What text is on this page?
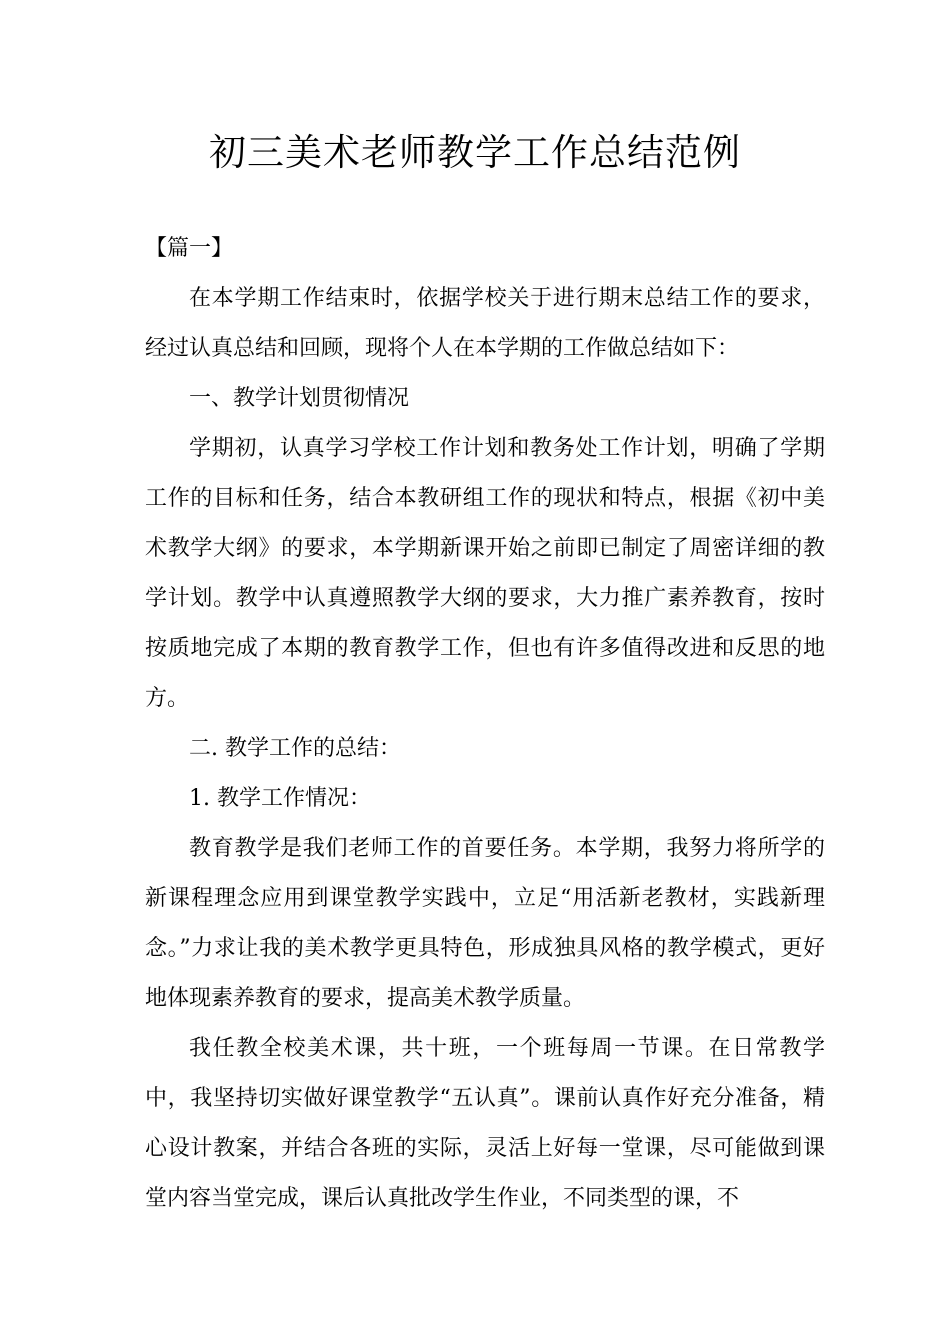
初三美术老师教学工作总结范例

【篇一】

在本学期工作结束时，依据学校关于进行期末总结工作的要求，经过认真总结和回顾，现将个人在本学期的工作做总结如下：

一、教学计划贯彻情况

学期初，认真学习学校工作计划和教务处工作计划，明确了学期工作的目标和任务，结合本教研组工作的现状和特点，根据《初中美术教学大纲》的要求，本学期新课开始之前即已制定了周密详细的教学计划。教学中认真遵照教学大纲的要求，大力推广素养教育，按时按质地完成了本期的教育教学工作，但也有许多值得改进和反思的地方。

二. 教学工作的总结：

1. 教学工作情况：

教育教学是我们老师工作的首要任务。本学期，我努力将所学的新课程理念应用到课堂教学实践中，立足“用活新老教材，实践新理念。”力求让我的美术教学更具特色，形成独具风格的教学模式，更好地体现素养教育的要求，提高美术教学质量。

我任教全校美术课，共十班，一个班每周一节课。在日常教学中，我坚持切实做好课堂教学“五认真”。课前认真作好充分准备，精心设计教案，并结合各班的实际，灵活上好每一堂课，尽可能做到课堂内容当堂完成，课后认真批改学生作业，不同类型的课，不
